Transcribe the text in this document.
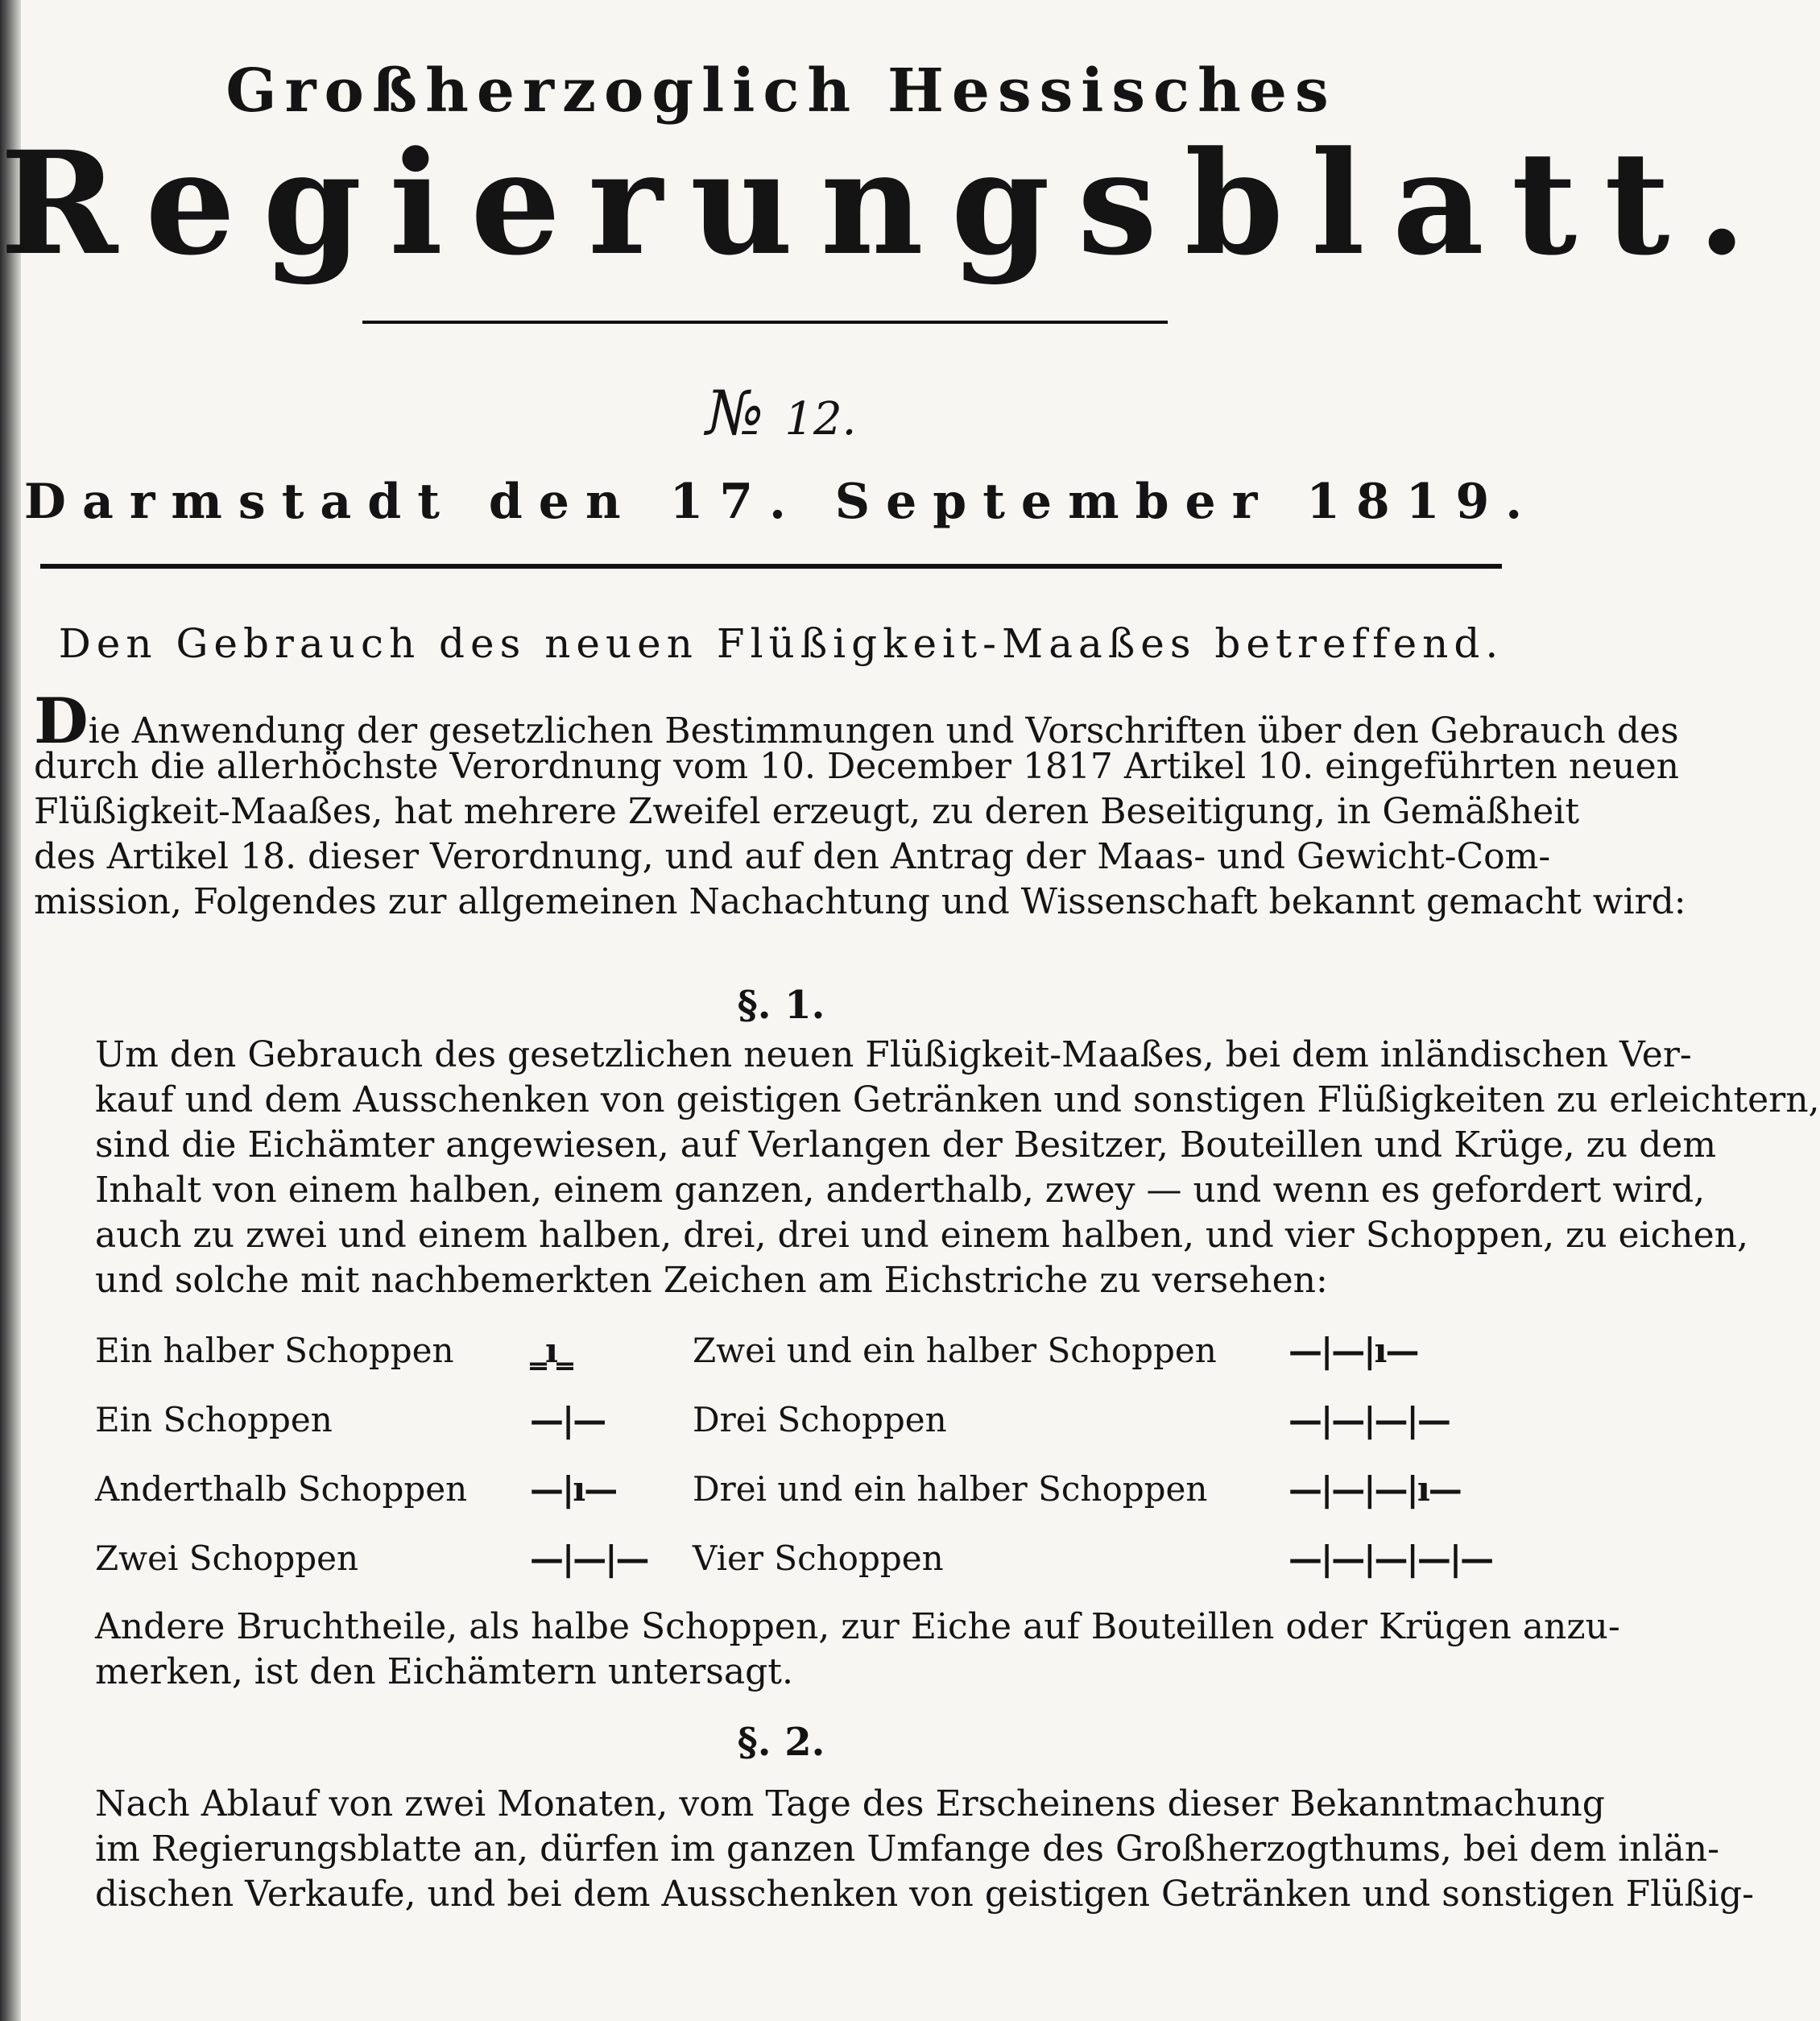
Großherzoglich Hessisches
Regierungsblatt.
№ 12.
Darmstadt den 17. September 1819.
Den Gebrauch des neuen Flüßigkeit-Maaßes betreffend.
Die Anwendung der gesetzlichen Bestimmungen und Vorschriften über den Gebrauch des
durch die allerhöchste Verordnung vom 10. December 1817 Artikel 10. eingeführten neuen
Flüßigkeit-Maaßes, hat mehrere Zweifel erzeugt, zu deren Beseitigung, in Gemäßheit
des Artikel 18. dieser Verordnung, und auf den Antrag der Maas- und Gewicht-Com-
mission, Folgendes zur allgemeinen Nachachtung und Wissenschaft bekannt gemacht wird:
§. 1.
Um den Gebrauch des gesetzlichen neuen Flüßigkeit-Maaßes, bei dem inländischen Ver-
kauf und dem Ausschenken von geistigen Getränken und sonstigen Flüßigkeiten zu erleichtern,
sind die Eichämter angewiesen, auf Verlangen der Besitzer, Bouteillen und Krüge, zu dem
Inhalt von einem halben, einem ganzen, anderthalb, zwey — und wenn es gefordert wird,
auch zu zwei und einem halben, drei, drei und einem halben, und vier Schoppen, zu eichen,
und solche mit nachbemerkten Zeichen am Eichstriche zu versehen:
Ein halber Schoppen ‗ı‗	Zwei und ein halber Schoppen —|—|ı—
Ein Schoppen	—|—	Drei Schoppen	—|—|—|—
Anderthalb Schoppen —|ı— Drei und ein halber Schoppen —|—|—|ı—
Zwei Schoppen	—|—|— Vier Schoppen	—|—|—|—|—
Andere Bruchtheile, als halbe Schoppen, zur Eiche auf Bouteillen oder Krügen anzu-
merken, ist den Eichämtern untersagt.
§. 2.
Nach Ablauf von zwei Monaten, vom Tage des Erscheinens dieser Bekanntmachung
im Regierungsblatte an, dürfen im ganzen Umfange des Großherzogthums, bei dem inlän-
dischen Verkaufe, und bei dem Ausschenken von geistigen Getränken und sonstigen Flüßig-
